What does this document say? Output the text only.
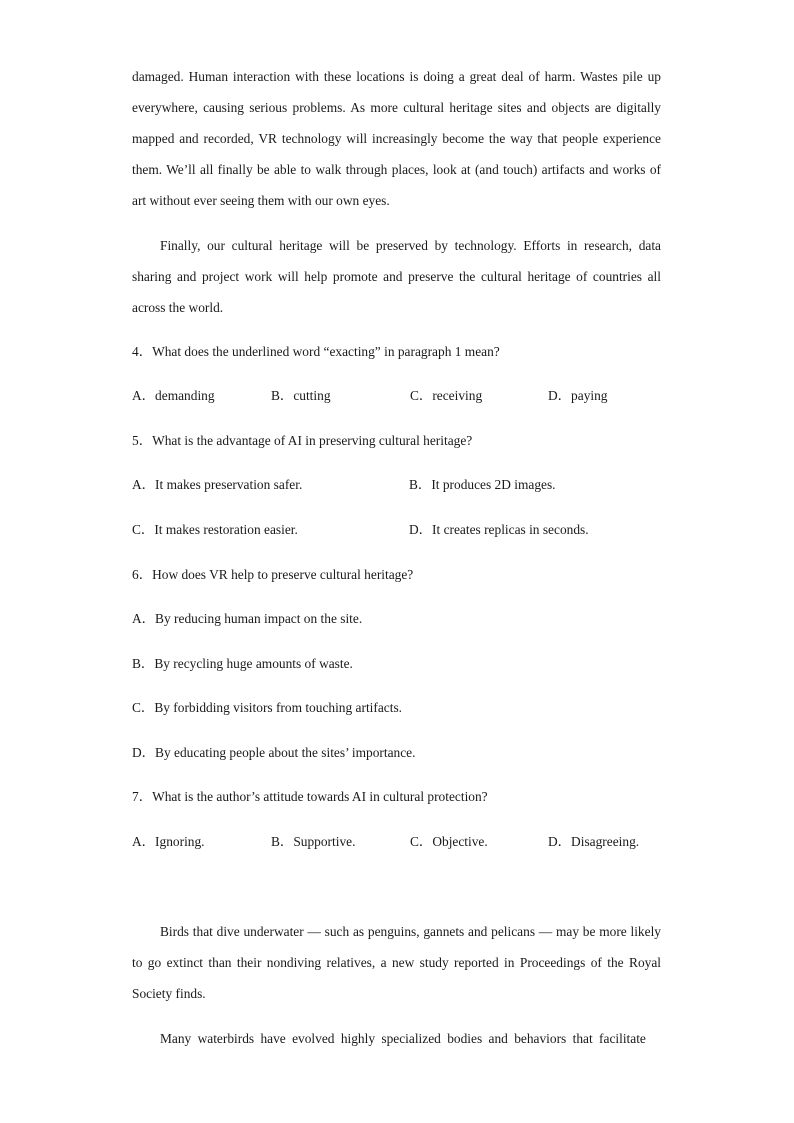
damaged. Human interaction with these locations is doing a great deal of harm. Wastes pile up everywhere, causing serious problems. As more cultural heritage sites and objects are digitally mapped and recorded, VR technology will increasingly become the way that people experience them. We’ll all finally be able to walk through places, look at (and touch) artifacts and works of art without ever seeing them with our own eyes.

Finally, our cultural heritage will be preserved by technology. Efforts in research, data sharing and project work will help promote and preserve the cultural heritage of countries all across the world.

4．What does the underlined word “exacting” in paragraph 1 mean?

A．demanding	B．cutting	C．receiving	D．paying

5．What is the advantage of AI in preserving cultural heritage?

A．It makes preservation safer.	B．It produces 2D images.
C．It makes restoration easier.	D．It creates replicas in seconds.

6．How does VR help to preserve cultural heritage?

A．By reducing human impact on the site.

B．By recycling huge amounts of waste.

C．By forbidding visitors from touching artifacts.

D．By educating people about the sites’ importance.

7．What is the author’s attitude towards AI in cultural protection?

A．Ignoring.	B．Supportive.	C．Objective.	D．Disagreeing.

Birds that dive underwater — such as penguins, gannets and pelicans — may be more likely to go extinct than their nondiving relatives, a new study reported in Proceedings of the Royal Society finds.

Many waterbirds have evolved highly specialized bodies and behaviors that facilitate
